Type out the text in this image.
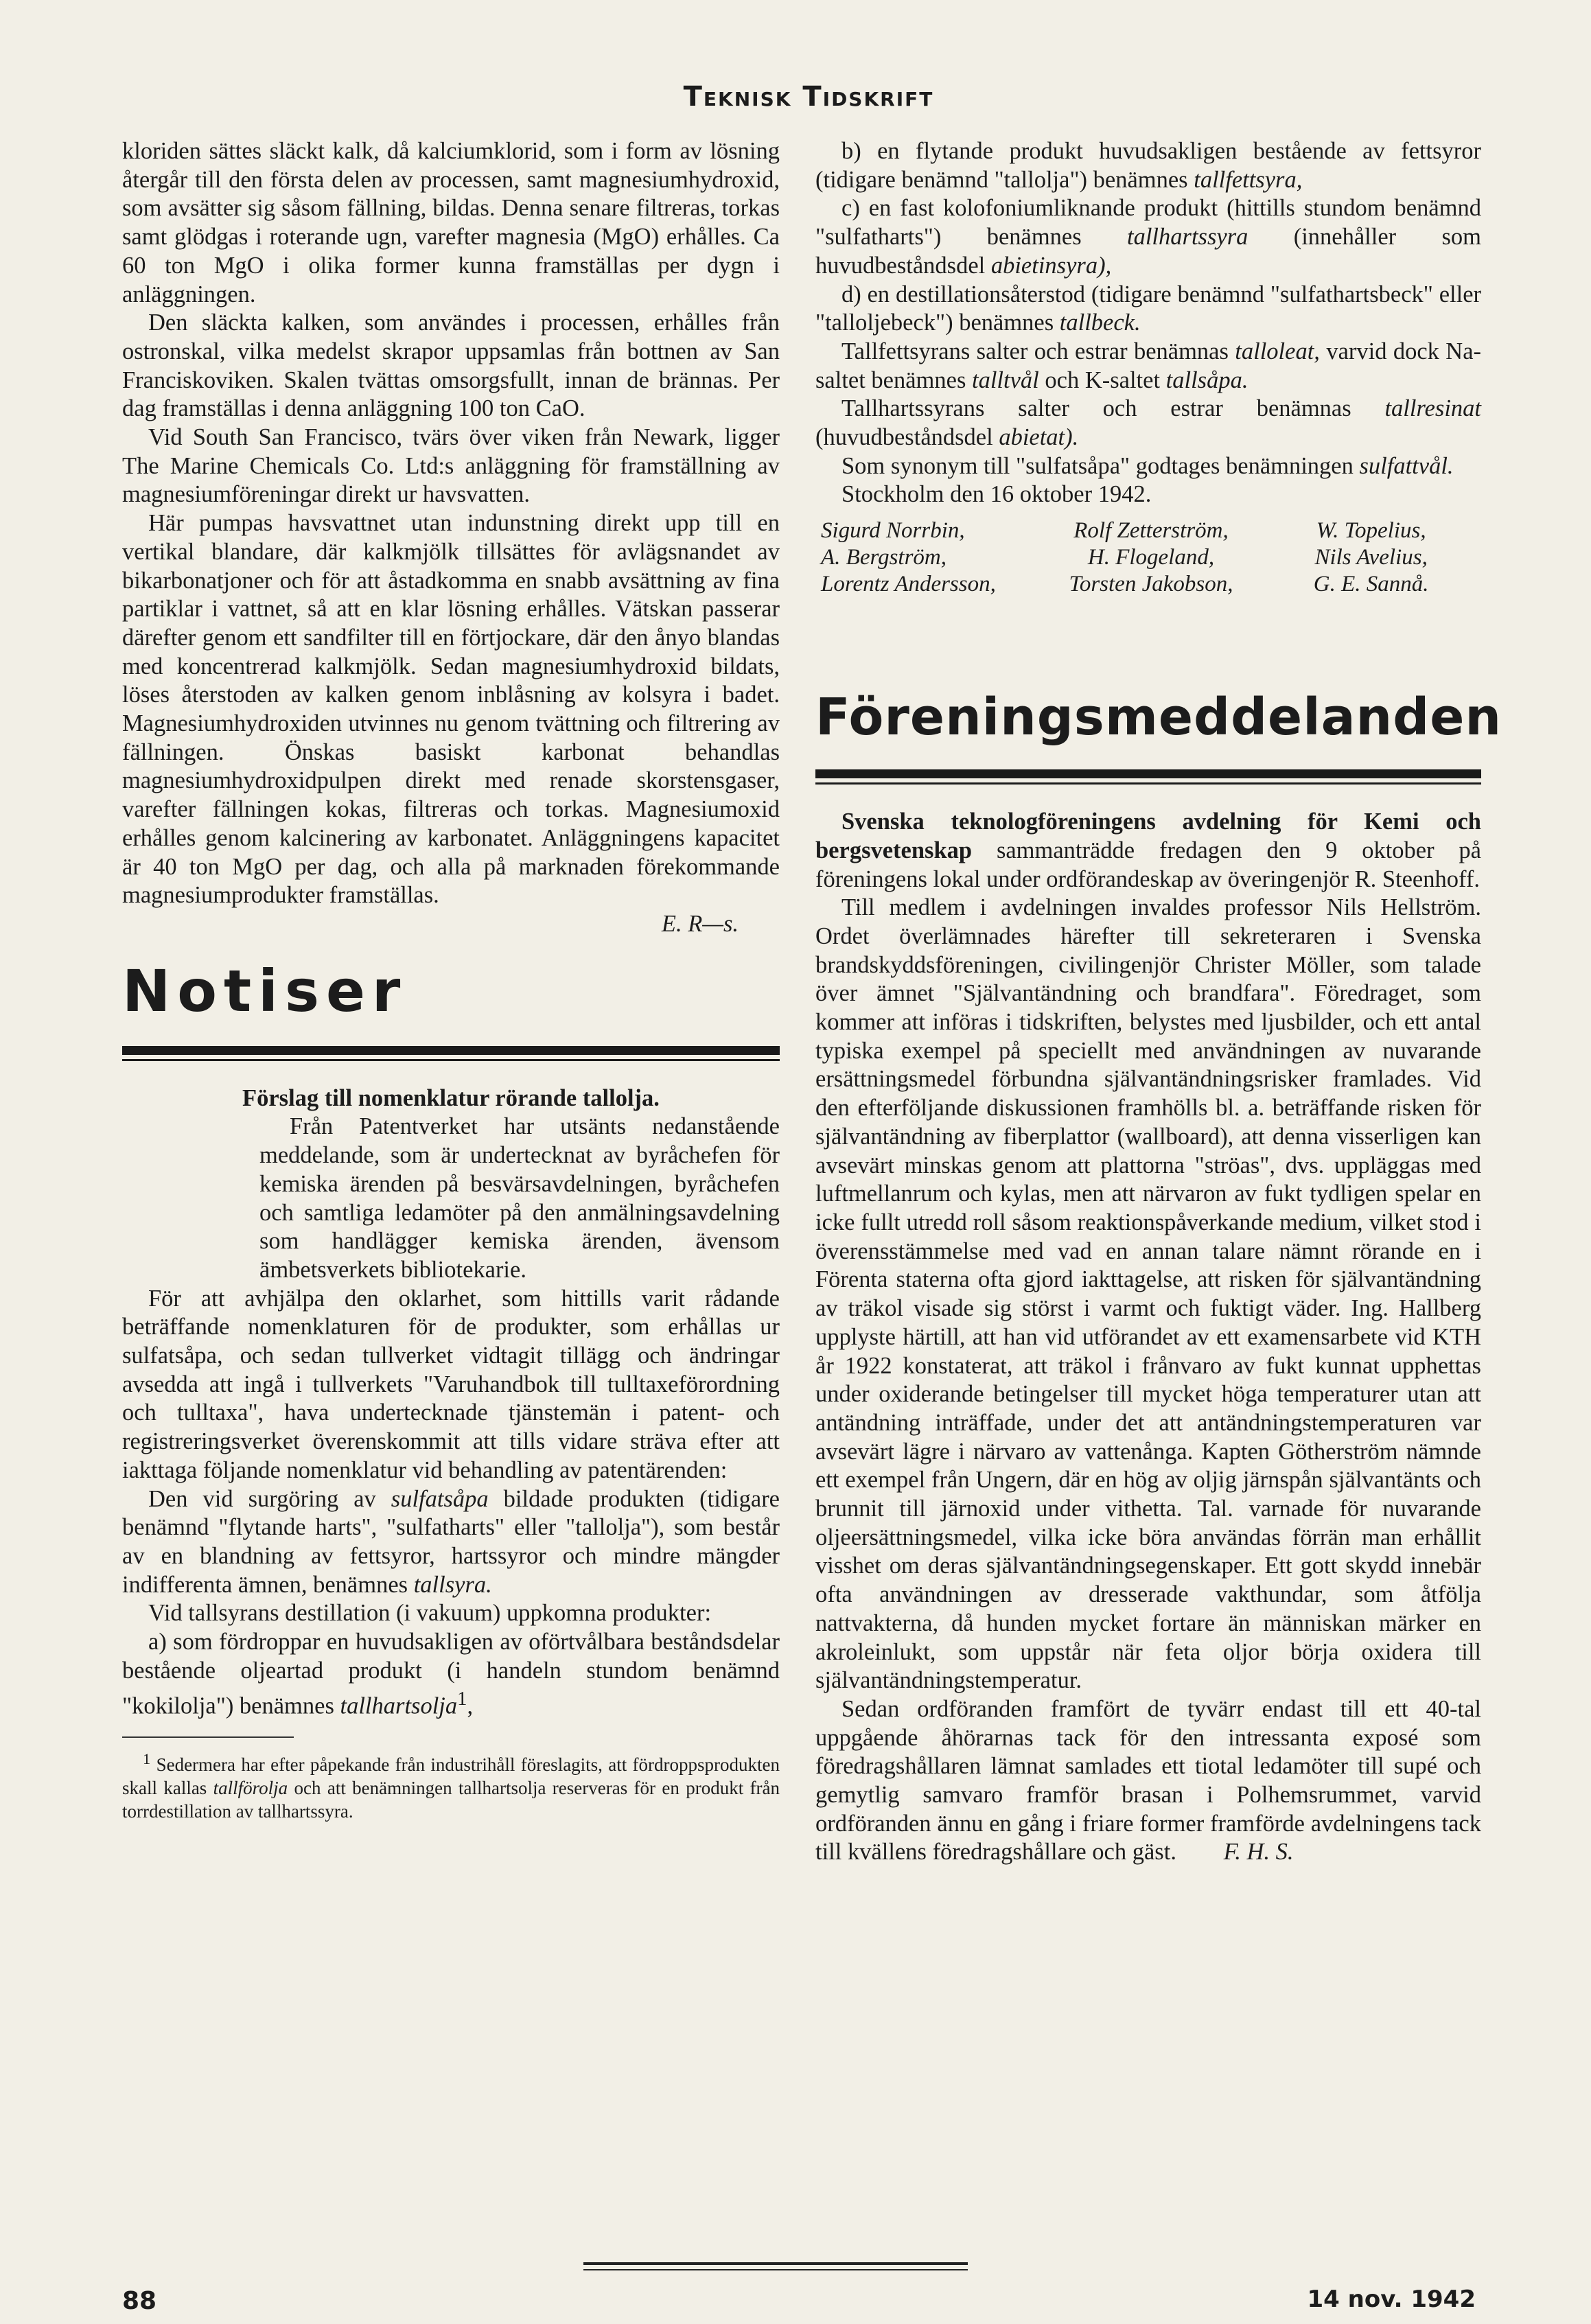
Teknisk Tidskrift

kloriden sättes släckt kalk, då kalciumklorid, som i form av lösning återgår till den första delen av processen, samt magnesiumhydroxid, som avsätter sig såsom fällning, bildas. Denna senare filtreras, torkas samt glödgas i roterande ugn, varefter magnesia (MgO) erhålles. Ca 60 ton MgO i olika former kunna framställas per dygn i anläggningen.

Den släckta kalken, som användes i processen, erhålles från ostronskal, vilka medelst skrapor uppsamlas från bottnen av San Franciskoviken. Skalen tvättas omsorgsfullt, innan de brännas. Per dag framställas i denna anläggning 100 ton CaO.

Vid South San Francisco, tvärs över viken från Newark, ligger The Marine Chemicals Co. Ltd:s anläggning för framställning av magnesiumföreningar direkt ur havsvatten.

Här pumpas havsvattnet utan indunstning direkt upp till en vertikal blandare, där kalkmjölk tillsättes för avlägsnandet av bikarbonatjoner och för att åstadkomma en snabb avsättning av fina partiklar i vattnet, så att en klar lösning erhålles. Vätskan passerar därefter genom ett sandfilter till en förtjockare, där den ånyo blandas med koncentrerad kalkmjölk. Sedan magnesiumhydroxid bildats, löses återstoden av kalken genom inblåsning av kolsyra i badet. Magnesiumhydroxiden utvinnes nu genom tvättning och filtrering av fällningen. Önskas basiskt karbonat behandlas magnesiumhydroxidpulpen direkt med renade skorstensgaser, varefter fällningen kokas, filtreras och torkas. Magnesiumoxid erhålles genom kalcinering av karbonatet. Anläggningens kapacitet är 40 ton MgO per dag, och alla på marknaden förekommande magnesiumprodukter framställas.

E. R—s.

Notiser

Förslag till nomenklatur rörande tallolja.

Från Patentverket har utsänts nedanstående meddelande, som är undertecknat av byråchefen för kemiska ärenden på besvärsavdelningen, byråchefen och samtliga ledamöter på den anmälningsavdelning som handlägger kemiska ärenden, ävensom ämbetsverkets bibliotekarie.

För att avhjälpa den oklarhet, som hittills varit rådande beträffande nomenklaturen för de produkter, som erhållas ur sulfatsåpa, och sedan tullverket vidtagit tillägg och ändringar avsedda att ingå i tullverkets "Varuhandbok till tulltaxeförordning och tulltaxa", hava undertecknade tjänstemän i patent- och registreringsverket överenskommit att tills vidare sträva efter att iakttaga följande nomenklatur vid behandling av patentärenden:

Den vid surgöring av sulfatsåpa bildade produkten (tidigare benämnd "flytande harts", "sulfatharts" eller "tallolja"), som består av en blandning av fettsyror, hartssyror och mindre mängder indifferenta ämnen, benämnes tallsyra.

Vid tallsyrans destillation (i vakuum) uppkomna produkter:

a) som fördroppar en huvudsakligen av oförtvålbara beståndsdelar bestående oljeartad produkt (i handeln stundom benämnd "kokilolja") benämnes tallhartsolja$^1$,

$^1$ Sedermera har efter påpekande från industrihåll föreslagits, att fördroppsprodukten skall kallas tallförolja och att benämningen tallhartsolja reserveras för en produkt från torrdestillation av tallhartssyra.

b) en flytande produkt huvudsakligen bestående av fettsyror (tidigare benämnd "tallolja") benämnes tallfettsyra,

c) en fast kolofoniumliknande produkt (hittills stundom benämnd "sulfatharts") benämnes tallhartssyra (innehåller som huvudbeståndsdel abietinsyra),

d) en destillationsåterstod (tidigare benämnd "sulfathartsbeck" eller "talloljebeck") benämnes tallbeck.

Tallfettsyrans salter och estrar benämnas talloleat, varvid dock Na-saltet benämnes talltvål och K-saltet tallsåpa.

Tallhartssyrans salter och estrar benämnas tallresinat (huvudbeståndsdel abietat).

Som synonym till "sulfatsåpa" godtages benämningen sulfattvål.

Stockholm den 16 oktober 1942.

Sigurd Norrbin,	Rolf Zetterström,	W. Topelius,
A. Bergström,	H. Flogeland,	Nils Avelius,
Lorentz Andersson,	Torsten Jakobson,	G. E. Sannå.
Föreningsmeddelanden

Svenska teknologföreningens avdelning för Kemi och bergsvetenskap sammanträdde fredagen den 9 oktober på föreningens lokal under ordförandeskap av överingenjör R. Steenhoff.

Till medlem i avdelningen invaldes professor Nils Hellström. Ordet överlämnades härefter till sekreteraren i Svenska brandskyddsföreningen, civilingenjör Christer Möller, som talade över ämnet "Självantändning och brandfara". Föredraget, som kommer att införas i tidskriften, belystes med ljusbilder, och ett antal typiska exempel på speciellt med användningen av nuvarande ersättningsmedel förbundna självantändningsrisker framlades. Vid den efterföljande diskussionen framhölls bl. a. beträffande risken för självantändning av fiberplattor (wallboard), att denna visserligen kan avsevärt minskas genom att plattorna "ströas", dvs. uppläggas med luftmellanrum och kylas, men att närvaron av fukt tydligen spelar en icke fullt utredd roll såsom reaktionspåverkande medium, vilket stod i överensstämmelse med vad en annan talare nämnt rörande en i Förenta staterna ofta gjord iakttagelse, att risken för självantändning av träkol visade sig störst i varmt och fuktigt väder. Ing. Hallberg upplyste härtill, att han vid utförandet av ett examensarbete vid KTH år 1922 konstaterat, att träkol i frånvaro av fukt kunnat upphettas under oxiderande betingelser till mycket höga temperaturer utan att antändning inträffade, under det att antändningstemperaturen var avsevärt lägre i närvaro av vattenånga. Kapten Götherström nämnde ett exempel från Ungern, där en hög av oljig järnspån självantänts och brunnit till järnoxid under vithetta. Tal. varnade för nuvarande oljeersättningsmedel, vilka icke böra användas förrän man erhållit visshet om deras självantändningsegenskaper. Ett gott skydd innebär ofta användningen av dresserade vakthundar, som åtfölja nattvakterna, då hunden mycket fortare än människan märker en akroleinlukt, som uppstår när feta oljor börja oxidera till självantändningstemperatur.

Sedan ordföranden framfört de tyvärr endast till ett 40-tal uppgående åhörarnas tack för den intressanta exposé som föredragshållaren lämnat samlades ett tiotal ledamöter till supé och gemytlig samvaro framför brasan i Polhemsrummet, varvid ordföranden ännu en gång i friare former framförde avdelningens tack till kvällens föredragshållare och gäst. F. H. S.

88	14 nov. 1942
